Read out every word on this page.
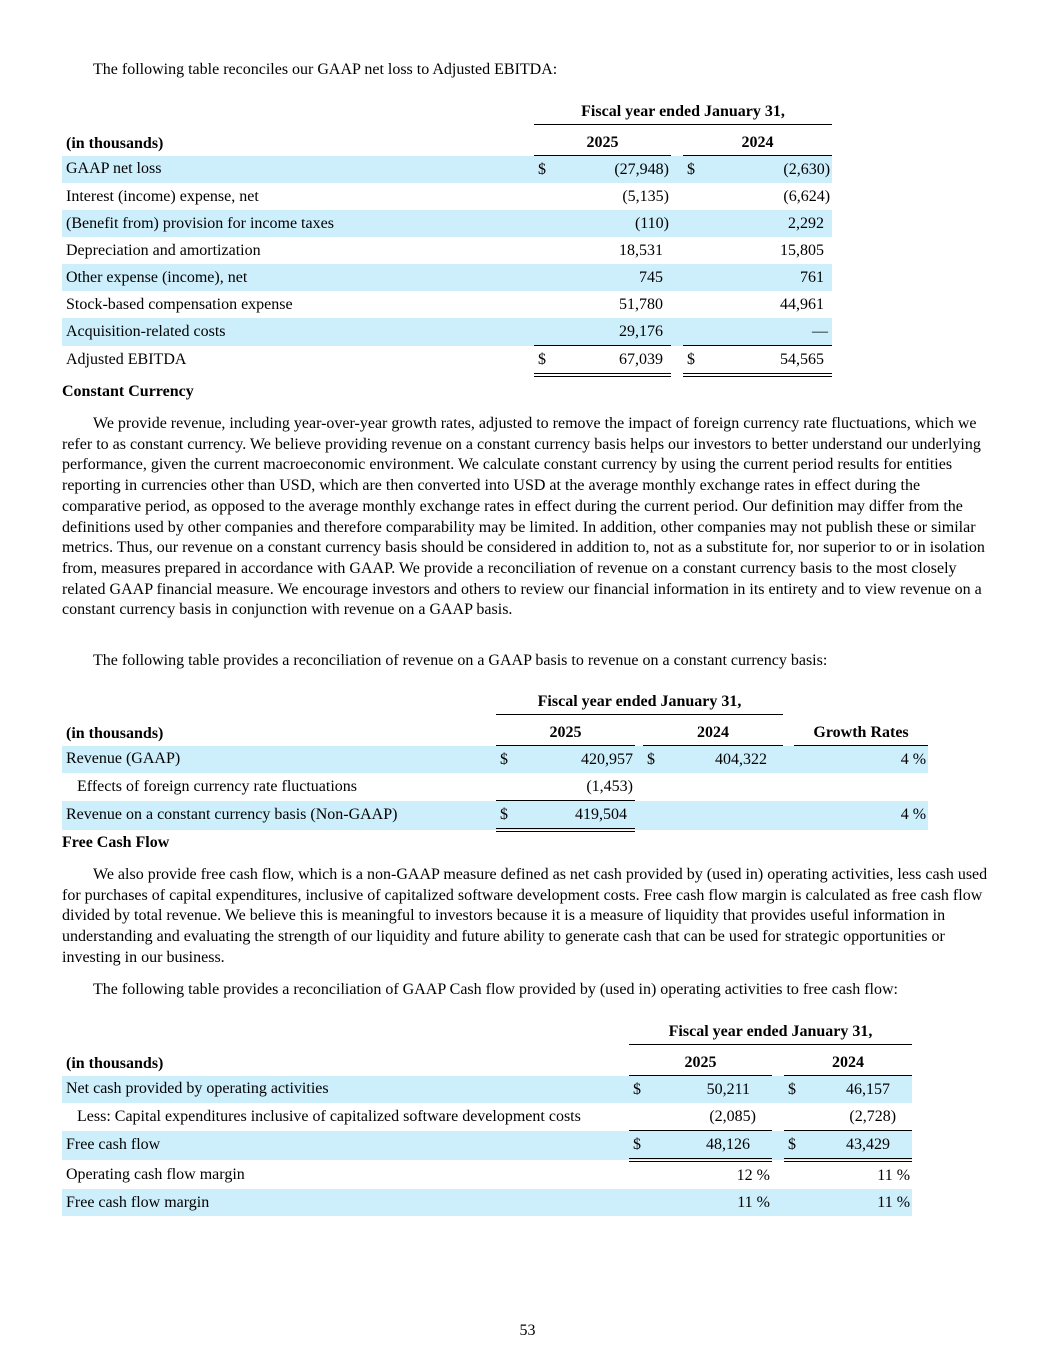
The following table reconciles our GAAP net loss to Adjusted EBITDA:

	Fiscal year ended January 31,				
(in thousands)	2025			2024	
GAAP net loss	$	(27,948)		$	(2,630)
Interest (income) expense, net		(5,135)			(6,624)
(Benefit from) provision for income taxes		(110)			2,292
Depreciation and amortization		18,531			15,805
Other expense (income), net		745			761
Stock-based compensation expense		51,780			44,961
Acquisition-related costs		29,176			—
Adjusted EBITDA	$	67,039		$	54,565

Constant Currency

We provide revenue, including year-over-year growth rates, adjusted to remove the impact of foreign currency rate fluctuations, which we refer to as constant currency. We believe providing revenue on a constant currency basis helps our investors to better understand our underlying performance, given the current macroeconomic environment. We calculate constant currency by using the current period results for entities reporting in currencies other than USD, which are then converted into USD at the average monthly exchange rates in effect during the comparative period, as opposed to the average monthly exchange rates in effect during the current period. Our definition may differ from the definitions used by other companies and therefore comparability may be limited. In addition, other companies may not publish these or similar metrics. Thus, our revenue on a constant currency basis should be considered in addition to, not as a substitute for, nor superior to or in isolation from, measures prepared in accordance with GAAP. We provide a reconciliation of revenue on a constant currency basis to the most closely related GAAP financial measure. We encourage investors and others to review our financial information in its entirety and to view revenue on a constant currency basis in conjunction with revenue on a GAAP basis.

The following table provides a reconciliation of revenue on a GAAP basis to revenue on a constant currency basis:

	Fiscal year ended January 31,						
(in thousands)	2025			2024			Growth Rates
Revenue (GAAP)	$	420,957		$	404,322		4 %
Effects of foreign currency rate fluctuations		(1,453)					
Revenue on a constant currency basis (Non-GAAP)	$	419,504					4 %

Free Cash Flow

We also provide free cash flow, which is a non-GAAP measure defined as net cash provided by (used in) operating activities, less cash used for purchases of capital expenditures, inclusive of capitalized software development costs. Free cash flow margin is calculated as free cash flow divided by total revenue. We believe this is meaningful to investors because it is a measure of liquidity that provides useful information in understanding and evaluating the strength of our liquidity and future ability to generate cash that can be used for strategic opportunities or investing in our business.

The following table provides a reconciliation of GAAP Cash flow provided by (used in) operating activities to free cash flow:

	Fiscal year ended January 31,				
(in thousands)	2025			2024	
Net cash provided by operating activities	$	50,211		$	46,157
Less: Capital expenditures inclusive of capitalized software development costs		(2,085)			(2,728)
Free cash flow	$	48,126		$	43,429
Operating cash flow margin		12 %			11 %
Free cash flow margin		11 %			11 %

53
